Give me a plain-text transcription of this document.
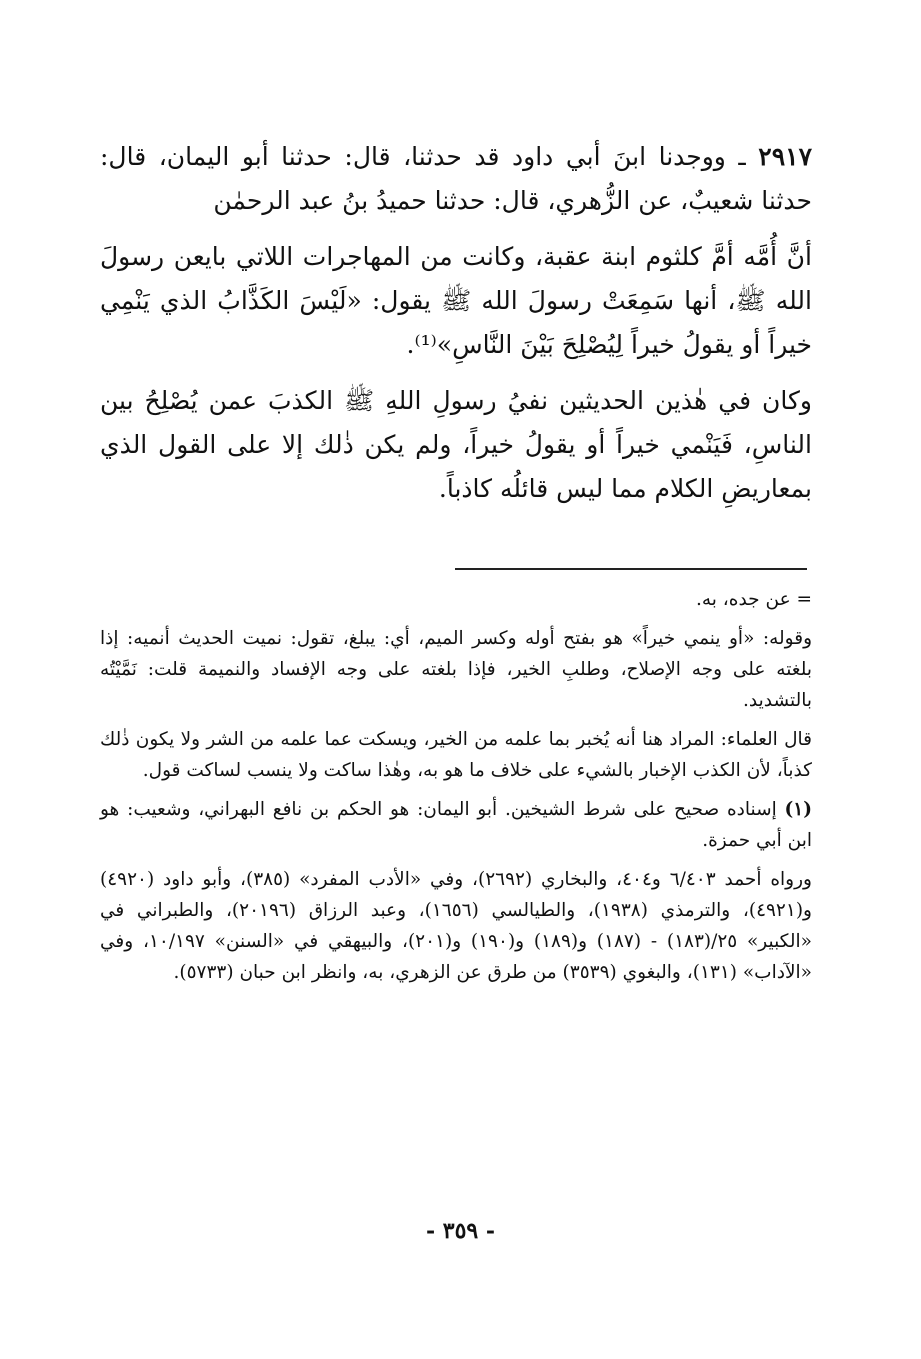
٢٩١٧ ـ ووجدنا ابنَ أبي داود قد حدثنا، قال: حدثنا أبو اليمان، قال: حدثنا شعيبٌ، عن الزُّهري، قال: حدثنا حميدُ بنُ عبد الرحمٰن

أنَّ أُمَّه أمَّ كلثوم ابنة عقبة، وكانت من المهاجرات اللاتي بايعن رسولَ الله ﷺ، أنها سَمِعَتْ رسولَ الله ﷺ يقول: «لَيْسَ الكَذَّابُ الذي يَنْمِي خيراً أو يقولُ خيراً لِيُصْلِحَ بَيْنَ النَّاسِ»⁽¹⁾.

وكان في هٰذين الحديثين نفيُ رسولِ اللهِ ﷺ الكذبَ عمن يُصْلِحُ بين الناسِ، فَيَنْمي خيراً أو يقولُ خيراً، ولم يكن ذٰلك إلا على القول الذي بمعاريضِ الكلام مما ليس قائلُه كاذباً.

= عن جده، به.

وقوله: «أو ينمي خيراً» هو بفتح أوله وكسر الميم، أي: يبلغ، تقول: نميت الحديث أنميه: إذا بلغته على وجه الإصلاح، وطلبِ الخير، فإذا بلغته على وجه الإفساد والنميمة قلت: نَمَّيْتُه بالتشديد.

قال العلماء: المراد هنا أنه يُخبر بما علمه من الخير، ويسكت عما علمه من الشر ولا يكون ذٰلك كذباً، لأن الكذب الإخبار بالشيء على خلاف ما هو به، وهٰذا ساكت ولا ينسب لساكت قول.

(١) إسناده صحيح على شرط الشيخين. أبو اليمان: هو الحكم بن نافع البهراني، وشعيب: هو ابن أبي حمزة.

ورواه أحمد ٦/٤٠٣ و٤٠٤، والبخاري (٢٦٩٢)، وفي «الأدب المفرد» (٣٨٥)، وأبو داود (٤٩٢٠) و(٤٩٢١)، والترمذي (١٩٣٨)، والطيالسي (١٦٥٦)، وعبد الرزاق (٢٠١٩٦)، والطبراني في «الكبير» ٢٥/(١٨٣) - (١٨٧) و(١٨٩) و(١٩٠) و(٢٠١)، والبيهقي في «السنن» ١٠/١٩٧، وفي «الآداب» (١٣١)، والبغوي (٣٥٣٩) من طرق عن الزهري، به، وانظر ابن حبان (٥٧٣٣).

- ٣٥٩ -
